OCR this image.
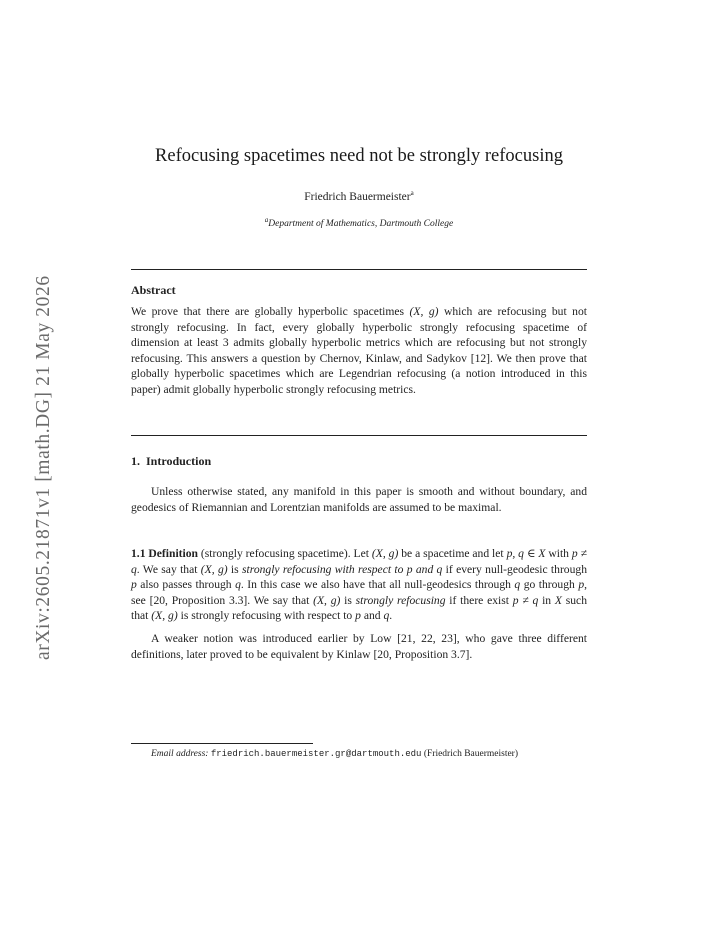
arXiv:2605.21871v1 [math.DG] 21 May 2026
Refocusing spacetimes need not be strongly refocusing
Friedrich Bauermeister$^a$
$^a$Department of Mathematics, Dartmouth College
Abstract
We prove that there are globally hyperbolic spacetimes (X, g) which are refocusing but not strongly refocusing. In fact, every globally hyperbolic strongly refocusing spacetime of dimension at least 3 admits globally hyperbolic metrics which are refocusing but not strongly refocusing. This answers a question by Chernov, Kinlaw, and Sadykov [12]. We then prove that globally hyperbolic spacetimes which are Legendrian refocusing (a notion introduced in this paper) admit globally hyperbolic strongly refocusing metrics.
1. Introduction
Unless otherwise stated, any manifold in this paper is smooth and without boundary, and geodesics of Riemannian and Lorentzian manifolds are assumed to be maximal.
1.1 Definition (strongly refocusing spacetime). Let (X, g) be a spacetime and let p, q ∈ X with p ≠ q. We say that (X, g) is strongly refocusing with respect to p and q if every null-geodesic through p also passes through q. In this case we also have that all null-geodesics through q go through p, see [20, Proposition 3.3]. We say that (X, g) is strongly refocusing if there exist p ≠ q in X such that (X, g) is strongly refocusing with respect to p and q.
A weaker notion was introduced earlier by Low [21, 22, 23], who gave three different definitions, later proved to be equivalent by Kinlaw [20, Proposition 3.7].
Email address: friedrich.bauermeister.gr@dartmouth.edu (Friedrich Bauermeister)
